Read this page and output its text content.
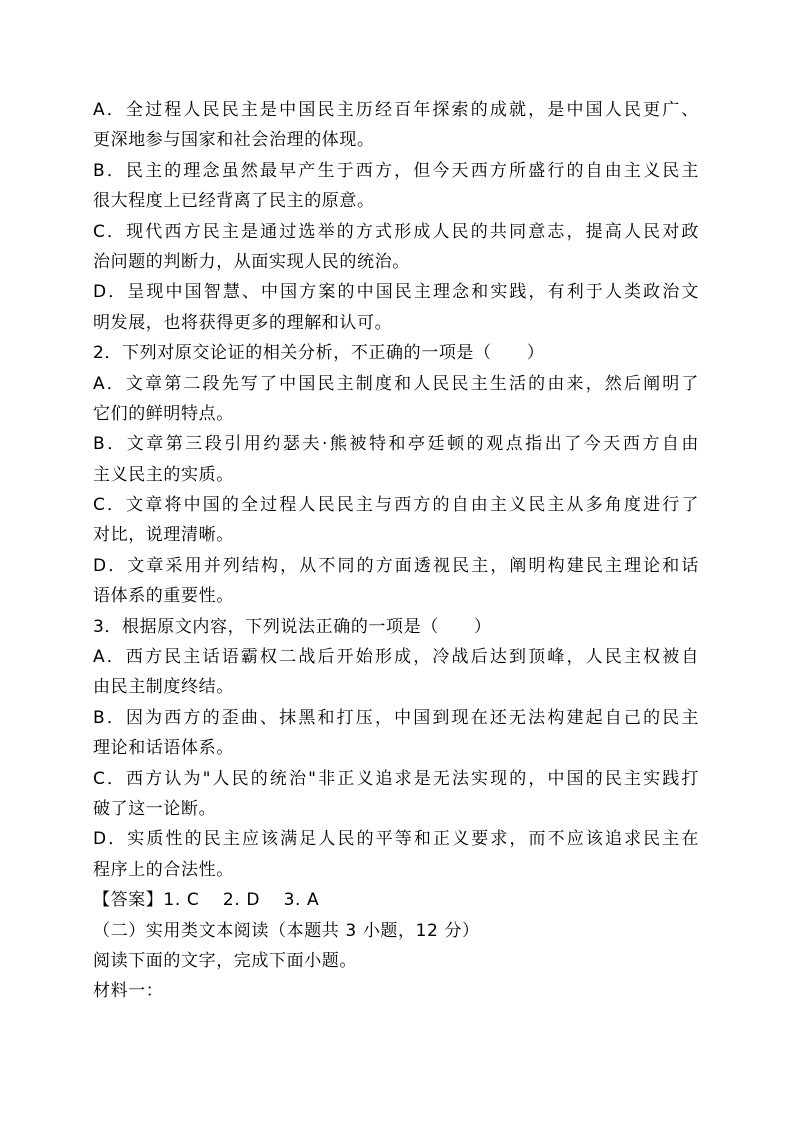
A．全过程人民民主是中国民主历经百年探索的成就，是中国人民更广、
更深地参与国家和社会治理的体现。
B．民主的理念虽然最早产生于西方，但今天西方所盛行的自由主义民主
很大程度上已经背离了民主的原意。
C．现代西方民主是通过选举的方式形成人民的共同意志，提高人民对政
治问题的判断力，从面实现人民的统治。
D．呈现中国智慧、中国方案的中国民主理念和实践，有利于人类政治文
明发展，也将获得更多的理解和认可。
2．下列对原交论证的相关分析，不正确的一项是（　　）
A．文章第二段先写了中国民主制度和人民民主生活的由来，然后阐明了
它们的鲜明特点。
B．文章第三段引用约瑟夫·熊被特和亭廷顿的观点指出了今天西方自由
主义民主的实质。
C．文章将中国的全过程人民民主与西方的自由主义民主从多角度进行了
对比，说理清晰。
D．文章采用并列结构，从不同的方面透视民主，阐明构建民主理论和话
语体系的重要性。
3．根据原文内容，下列说法正确的一项是（　　）
A．西方民主话语霸权二战后开始形成，冷战后达到顶峰，人民主权被自
由民主制度终结。
B．因为西方的歪曲、抹黑和打压，中国到现在还无法构建起自己的民主
理论和话语体系。
C．西方认为"人民的统治"非正义追求是无法实现的，中国的民主实践打
破了这一论断。
D．实质性的民主应该满足人民的平等和正义要求，而不应该追求民主在
程序上的合法性。
【答案】1. C　 2. D　 3. A
（二）实用类文本阅读（本题共 3 小题，12 分）
阅读下面的文字，完成下面小题。
材料一：
